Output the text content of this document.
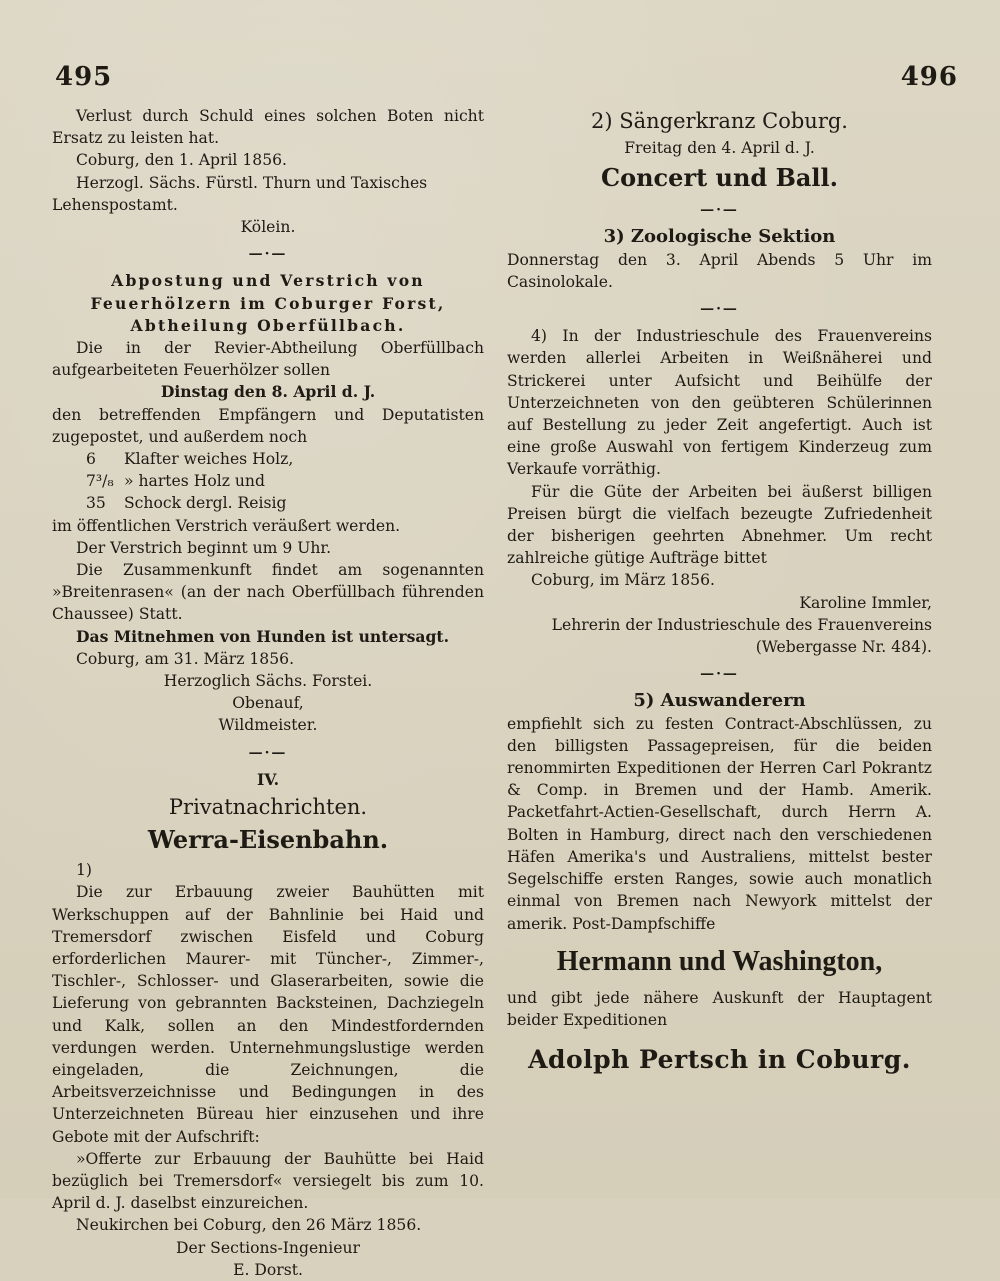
495	496

Verlust durch Schuld eines solchen Boten nicht Ersatz zu leisten hat.

Coburg, den 1. April 1856.

Herzogl. Sächs. Fürstl. Thurn und Taxisches Lehenspostamt.

Kölein.

—·—

Abpostung und Verstrich von Feuerhölzern im Coburger Forst, Abtheilung Oberfüllbach.

Die in der Revier-Abtheilung Oberfüllbach aufgearbeiteten Feuerhölzer sollen

Dinstag den 8. April d. J.

den betreffenden Empfängern und Deputatisten zugepostet, und außerdem noch

6 Klafter weiches Holz,

7³/₈ » hartes Holz und

35 Schock dergl. Reisig

im öffentlichen Verstrich veräußert werden.

Der Verstrich beginnt um 9 Uhr.

Die Zusammenkunft findet am sogenannten »Breitenrasen« (an der nach Oberfüllbach führenden Chaussee) Statt.

Das Mitnehmen von Hunden ist untersagt.

Coburg, am 31. März 1856.

Herzoglich Sächs. Forstei.

Obenauf,

Wildmeister.

—·—

IV.

Privatnachrichten.
Werra-Eisenbahn.

1)

Die zur Erbauung zweier Bauhütten mit Werkschuppen auf der Bahnlinie bei Haid und Tremersdorf zwischen Eisfeld und Coburg erforderlichen Maurer- mit Tüncher-, Zimmer-, Tischler-, Schlosser- und Glaserarbeiten, sowie die Lieferung von gebrannten Backsteinen, Dachziegeln und Kalk, sollen an den Mindestfordernden verdungen werden. Unternehmungslustige werden eingeladen, die Zeichnungen, die Arbeitsverzeichnisse und Bedingungen in des Unterzeichneten Büreau hier einzusehen und ihre Gebote mit der Aufschrift:

»Offerte zur Erbauung der Bauhütte bei Haid bezüglich bei Tremersdorf« versiegelt bis zum 10. April d. J. daselbst einzureichen.

Neukirchen bei Coburg, den 26 März 1856.

Der Sections-Ingenieur

E. Dorst.

2) Sängerkranz Coburg.

Freitag den 4. April d. J.

Concert und Ball.
—·—
3) Zoologische Sektion

Donnerstag den 3. April Abends 5 Uhr im Casinolokale.

—·—

4) In der Industrieschule des Frauenvereins werden allerlei Arbeiten in Weißnäherei und Strickerei unter Aufsicht und Beihülfe der Unterzeichneten von den geübteren Schülerinnen auf Bestellung zu jeder Zeit angefertigt. Auch ist eine große Auswahl von fertigem Kinderzeug zum Verkaufe vorräthig.

Für die Güte der Arbeiten bei äußerst billigen Preisen bürgt die vielfach bezeugte Zufriedenheit der bisherigen geehrten Abnehmer. Um recht zahlreiche gütige Aufträge bittet

Coburg, im März 1856.

Karoline Immler,

Lehrerin der Industrieschule des Frauenvereins

(Webergasse Nr. 484).

—·—
5) Auswanderern

empfiehlt sich zu festen Contract-Abschlüssen, zu den billigsten Passagepreisen, für die beiden renommirten Expeditionen der Herren Carl Pokrantz & Comp. in Bremen und der Hamb. Amerik. Packetfahrt-Actien-Gesellschaft, durch Herrn A. Bolten in Hamburg, direct nach den verschiedenen Häfen Amerika's und Australiens, mittelst bester Segelschiffe ersten Ranges, sowie auch monatlich einmal von Bremen nach Newyork mittelst der amerik. Post-Dampfschiffe

Hermann und Washington,

und gibt jede nähere Auskunft der Hauptagent beider Expeditionen

Adolph Pertsch in Coburg.
